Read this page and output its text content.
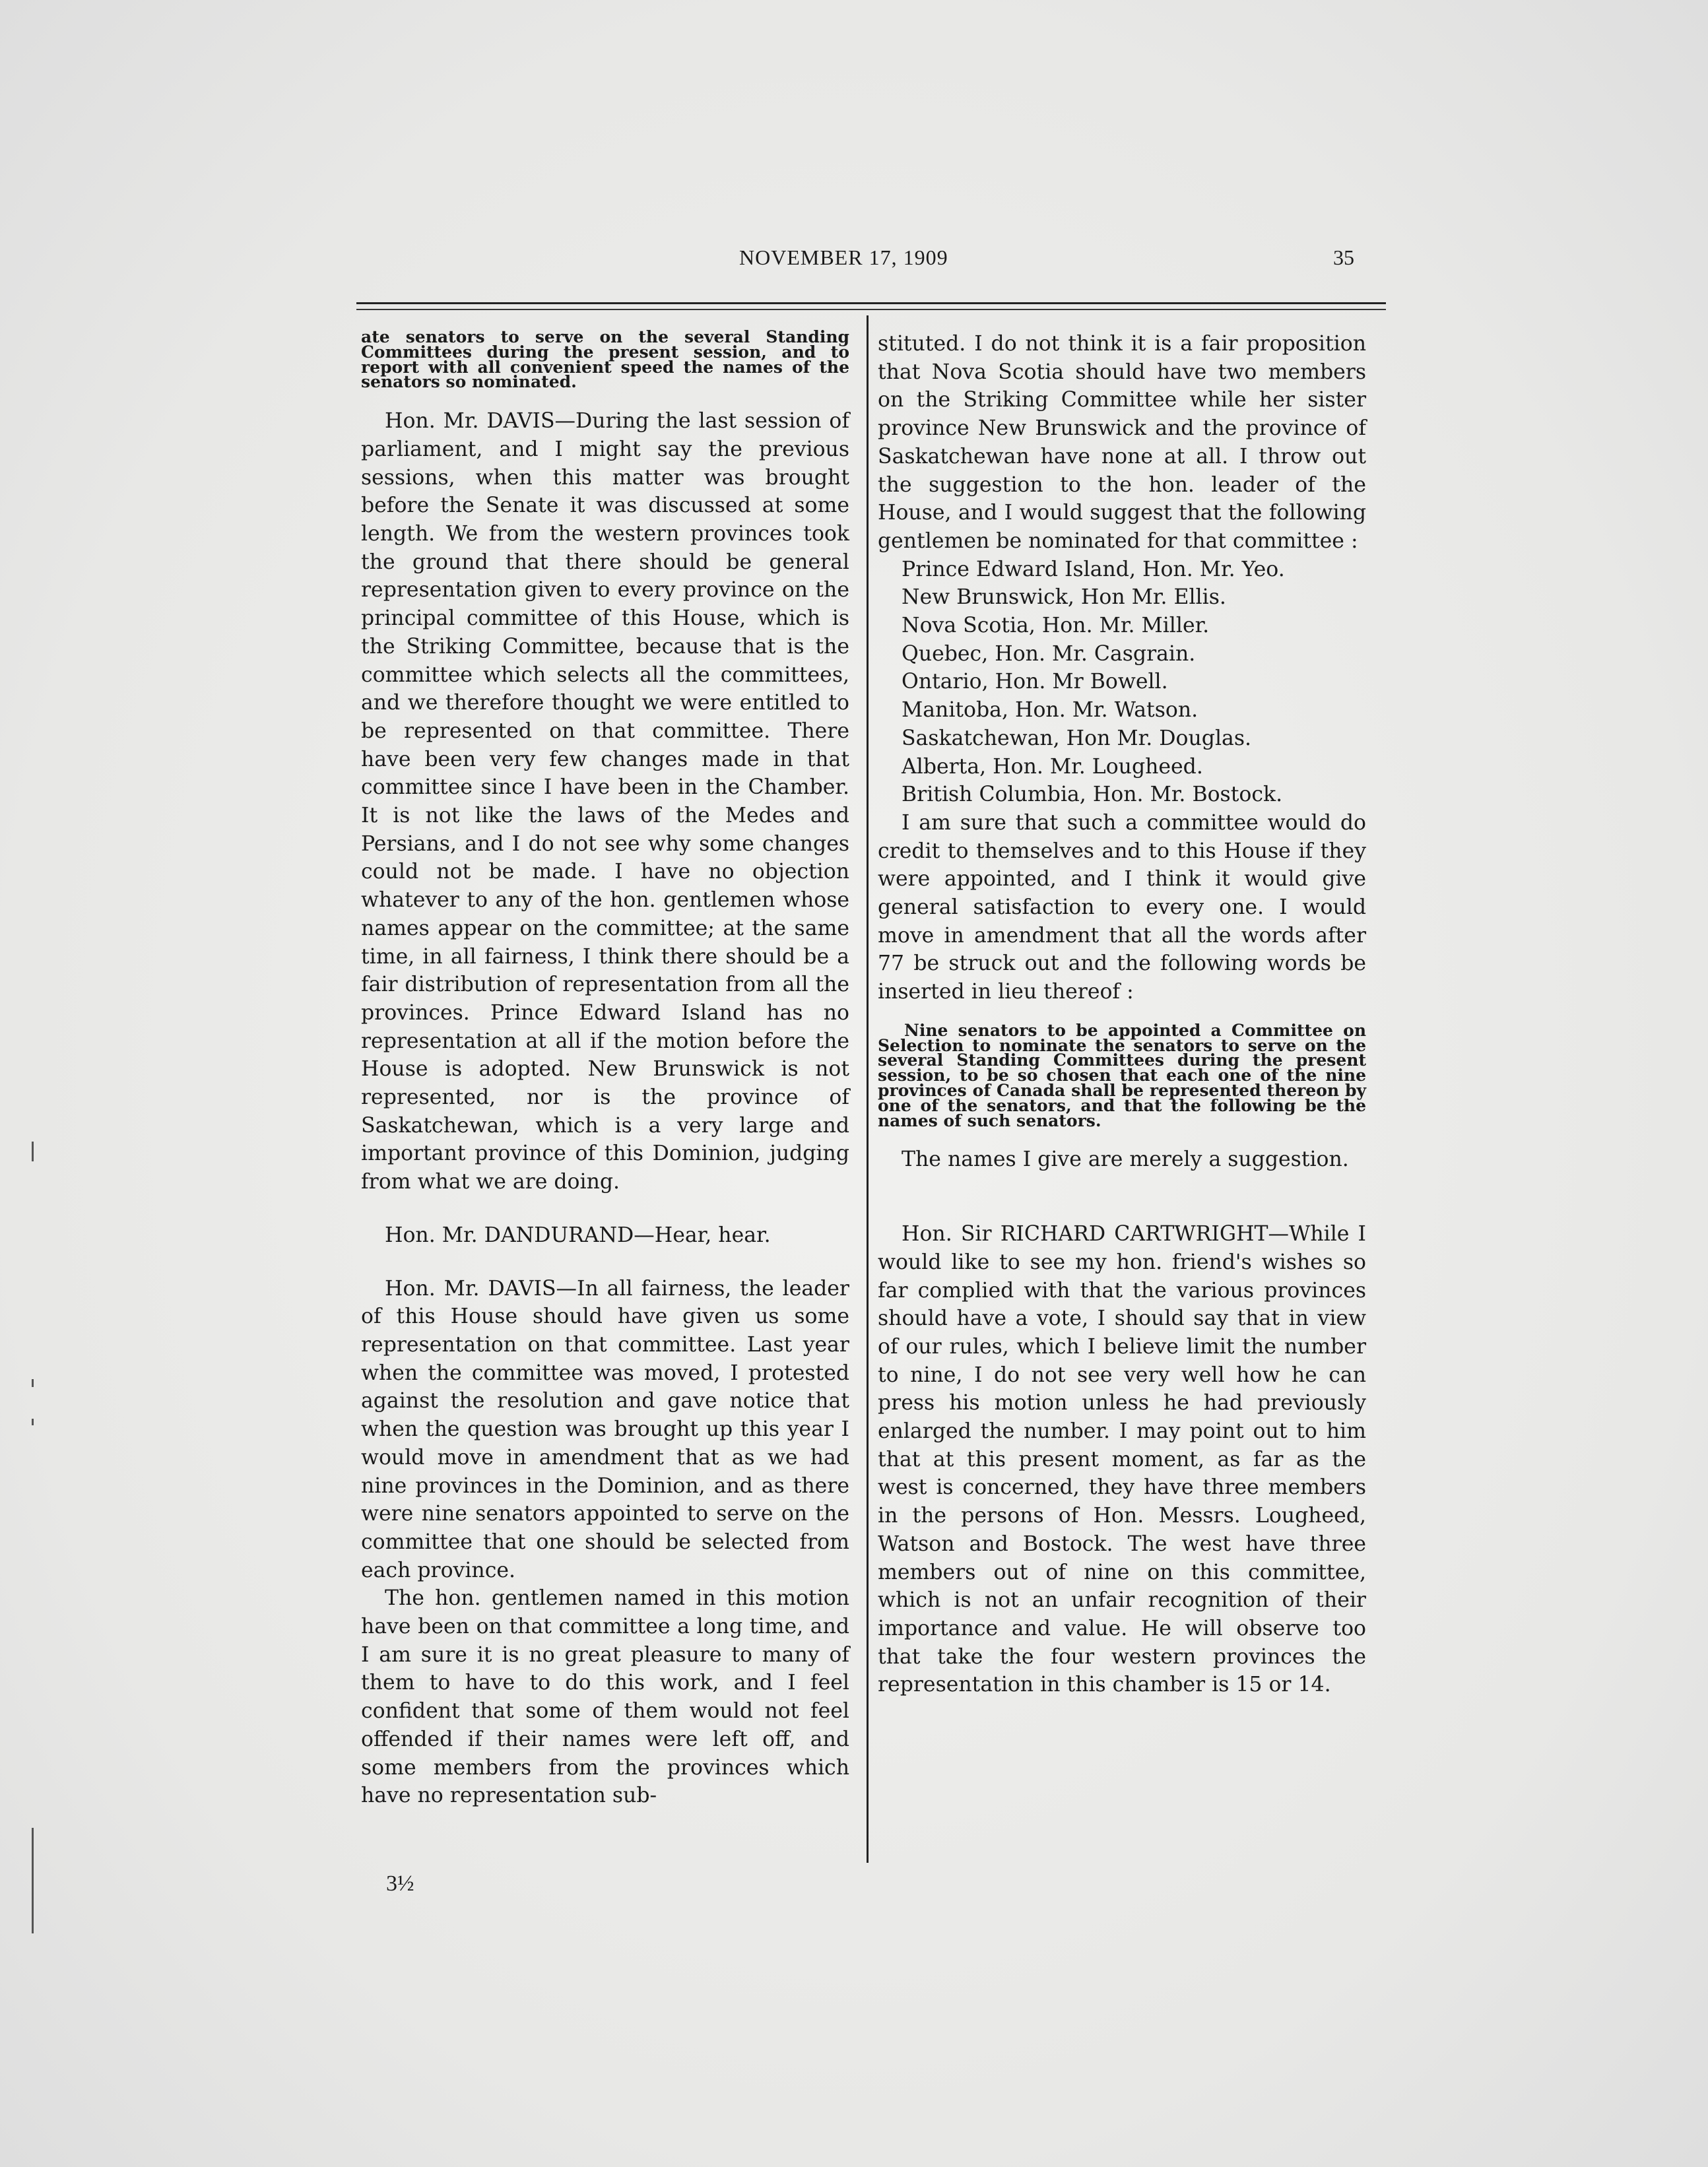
NOVEMBER 17, 1909	35

ate senators to serve on the several Standing Committees during the present session, and to report with all convenient speed the names of the senators so nominated.

Hon. Mr. DAVIS—During the last session of parliament, and I might say the previous sessions, when this matter was brought before the Senate it was discussed at some length. We from the western provinces took the ground that there should be general representation given to every province on the principal committee of this House, which is the Striking Committee, because that is the committee which selects all the committees, and we therefore thought we were entitled to be represented on that committee. There have been very few changes made in that committee since I have been in the Chamber. It is not like the laws of the Medes and Persians, and I do not see why some changes could not be made. I have no objection whatever to any of the hon. gentlemen whose names appear on the committee; at the same time, in all fairness, I think there should be a fair distribution of representation from all the provinces. Prince Edward Island has no representation at all if the motion before the House is adopted. New Brunswick is not represented, nor is the province of Saskatchewan, which is a very large and important province of this Dominion, judging from what we are doing.

Hon. Mr. DANDURAND—Hear, hear.

Hon. Mr. DAVIS—In all fairness, the leader of this House should have given us some representation on that committee. Last year when the committee was moved, I protested against the resolution and gave notice that when the question was brought up this year I would move in amendment that as we had nine provinces in the Dominion, and as there were nine senators appointed to serve on the committee that one should be selected from each province.

The hon. gentlemen named in this motion have been on that committee a long time, and I am sure it is no great pleasure to many of them to have to do this work, and I feel confident that some of them would not feel offended if their names were left off, and some members from the provinces which have no representation sub-

3½

stituted. I do not think it is a fair proposition that Nova Scotia should have two members on the Striking Committee while her sister province New Brunswick and the province of Saskatchewan have none at all. I throw out the suggestion to the hon. leader of the House, and I would suggest that the following gentlemen be nominated for that committee :

Prince Edward Island, Hon. Mr. Yeo.
New Brunswick, Hon Mr. Ellis.
Nova Scotia, Hon. Mr. Miller.
Quebec, Hon. Mr. Casgrain.
Ontario, Hon. Mr Bowell.
Manitoba, Hon. Mr. Watson.
Saskatchewan, Hon Mr. Douglas.
Alberta, Hon. Mr. Lougheed.
British Columbia, Hon. Mr. Bostock.

I am sure that such a committee would do credit to themselves and to this House if they were appointed, and I think it would give general satisfaction to every one. I would move in amendment that all the words after 77 be struck out and the following words be inserted in lieu thereof :

Nine senators to be appointed a Committee on Selection to nominate the senators to serve on the several Standing Committees during the present session, to be so chosen that each one of the nine provinces of Canada shall be represented thereon by one of the senators, and that the following be the names of such senators.

The names I give are merely a suggestion.

Hon. Sir RICHARD CARTWRIGHT—While I would like to see my hon. friend's wishes so far complied with that the various provinces should have a vote, I should say that in view of our rules, which I believe limit the number to nine, I do not see very well how he can press his motion unless he had previously enlarged the number. I may point out to him that at this present moment, as far as the west is concerned, they have three members in the persons of Hon. Messrs. Lougheed, Watson and Bostock. The west have three members out of nine on this committee, which is not an unfair recognition of their importance and value. He will observe too that take the four western provinces the representation in this chamber is 15 or 14.
